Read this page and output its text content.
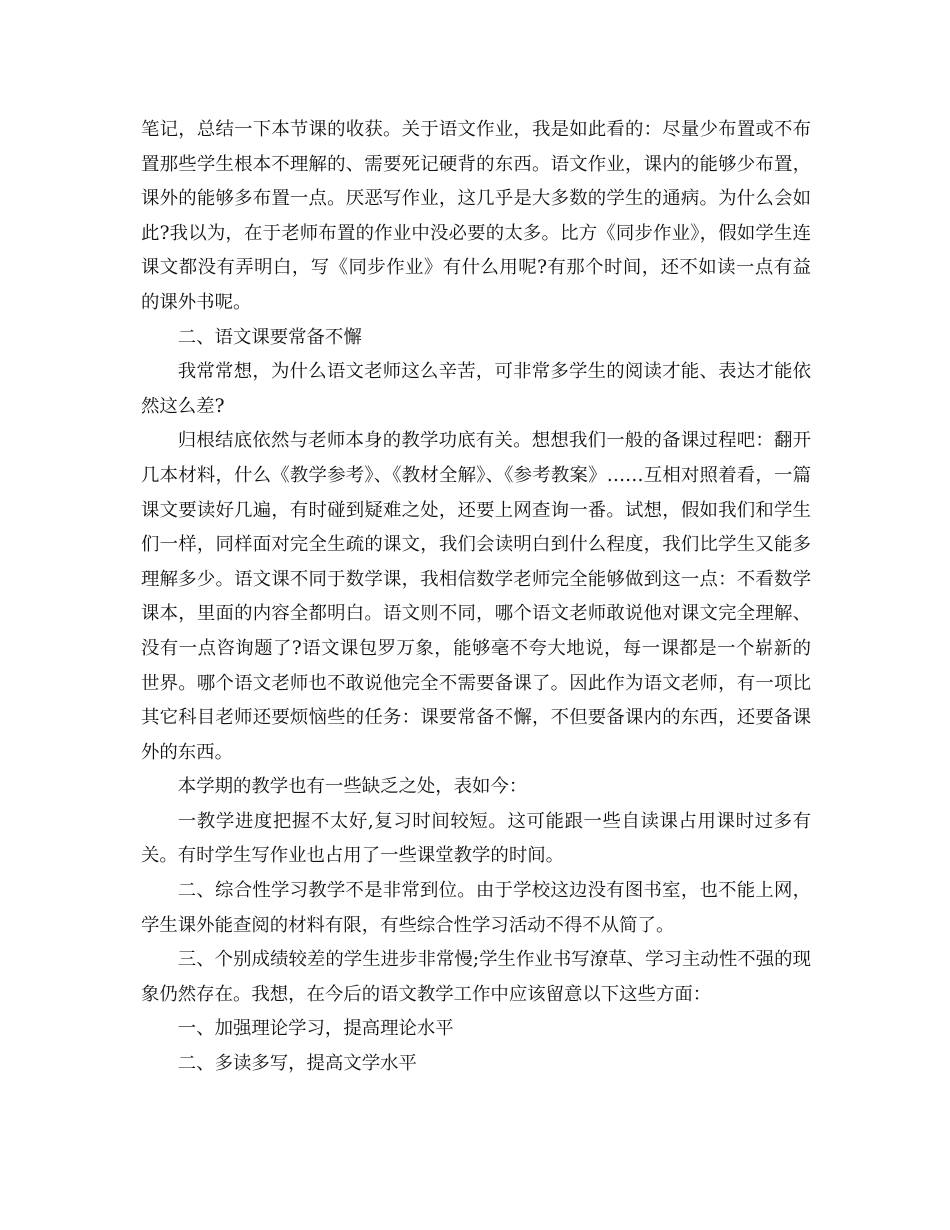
笔记，总结一下本节课的收获。关于语文作业，我是如此看的：尽量少布置或不布置那些学生根本不理解的、需要死记硬背的东西。语文作业，课内的能够少布置，课外的能够多布置一点。厌恶写作业，这几乎是大多数的学生的通病。为什么会如此?我以为，在于老师布置的作业中没必要的太多。比方《同步作业》，假如学生连课文都没有弄明白，写《同步作业》有什么用呢?有那个时间，还不如读一点有益的课外书呢。

二、语文课要常备不懈

我常常想，为什么语文老师这么辛苦，可非常多学生的阅读才能、表达才能依然这么差?

归根结底依然与老师本身的教学功底有关。想想我们一般的备课过程吧：翻开几本材料，什么《教学参考》、《教材全解》、《参考教案》……互相对照着看，一篇课文要读好几遍，有时碰到疑难之处，还要上网查询一番。试想，假如我们和学生们一样，同样面对完全生疏的课文，我们会读明白到什么程度，我们比学生又能多理解多少。语文课不同于数学课，我相信数学老师完全能够做到这一点：不看数学课本，里面的内容全都明白。语文则不同，哪个语文老师敢说他对课文完全理解、没有一点咨询题了?语文课包罗万象，能够毫不夸大地说，每一课都是一个崭新的世界。哪个语文老师也不敢说他完全不需要备课了。因此作为语文老师，有一项比其它科目老师还要烦恼些的任务：课要常备不懈，不但要备课内的东西，还要备课外的东西。

本学期的教学也有一些缺乏之处，表如今：

一教学进度把握不太好,复习时间较短。这可能跟一些自读课占用课时过多有关。有时学生写作业也占用了一些课堂教学的时间。

二、综合性学习教学不是非常到位。由于学校这边没有图书室，也不能上网，学生课外能查阅的材料有限，有些综合性学习活动不得不从简了。

三、个别成绩较差的学生进步非常慢;学生作业书写潦草、学习主动性不强的现象仍然存在。我想，在今后的语文教学工作中应该留意以下这些方面：

一、加强理论学习，提高理论水平

二、多读多写，提高文学水平
